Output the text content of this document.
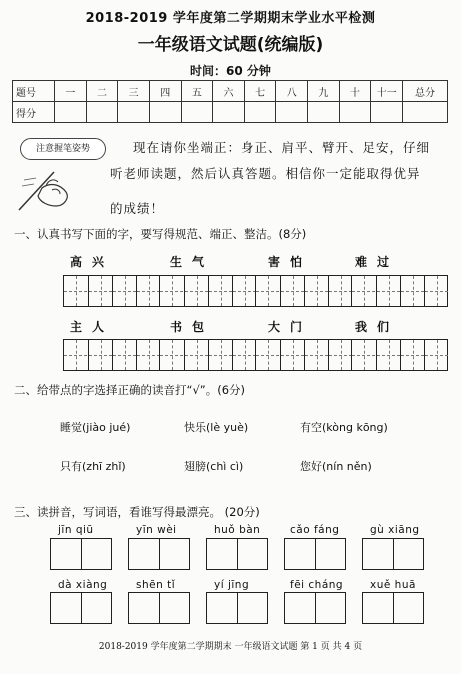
2018-2019 学年度第二学期期末学业水平检测
一年级语文试题(统编版)
时间：60 分钟
题号	一	二	三	四	五	六	七	八	九	十	十一	总分
得分												
注意握笔姿势	现在请你坐端正：身正、肩平、臂开、足安，仔细
听老师读题，然后认真答题。相信你一定能取得优异
的成绩！
一、认真书写下面的字，要写得规范、端正、整洁。(8分)
高兴	生气	害怕	难过
主人	书包	大门	我们
二、给带点的字选择正确的读音打“√”。(6分)
睡觉(jiào jué)	快乐(lè yuè)	有空(kòng kōng)
只有(zhī zhǐ)	翅膀(chì cì)	您好(nín něn)
三、读拼音，写词语，看谁写得最漂亮。 (20分)
jīn qiū	yīn wèi	huǒ bàn	cǎo fáng	gù xiāng
dà xiàng	shēn tǐ	yí jīng	fēi cháng	xuě huā
2018-2019 学年度第二学期期末 一年级语文试题 第 1 页 共 4 页
